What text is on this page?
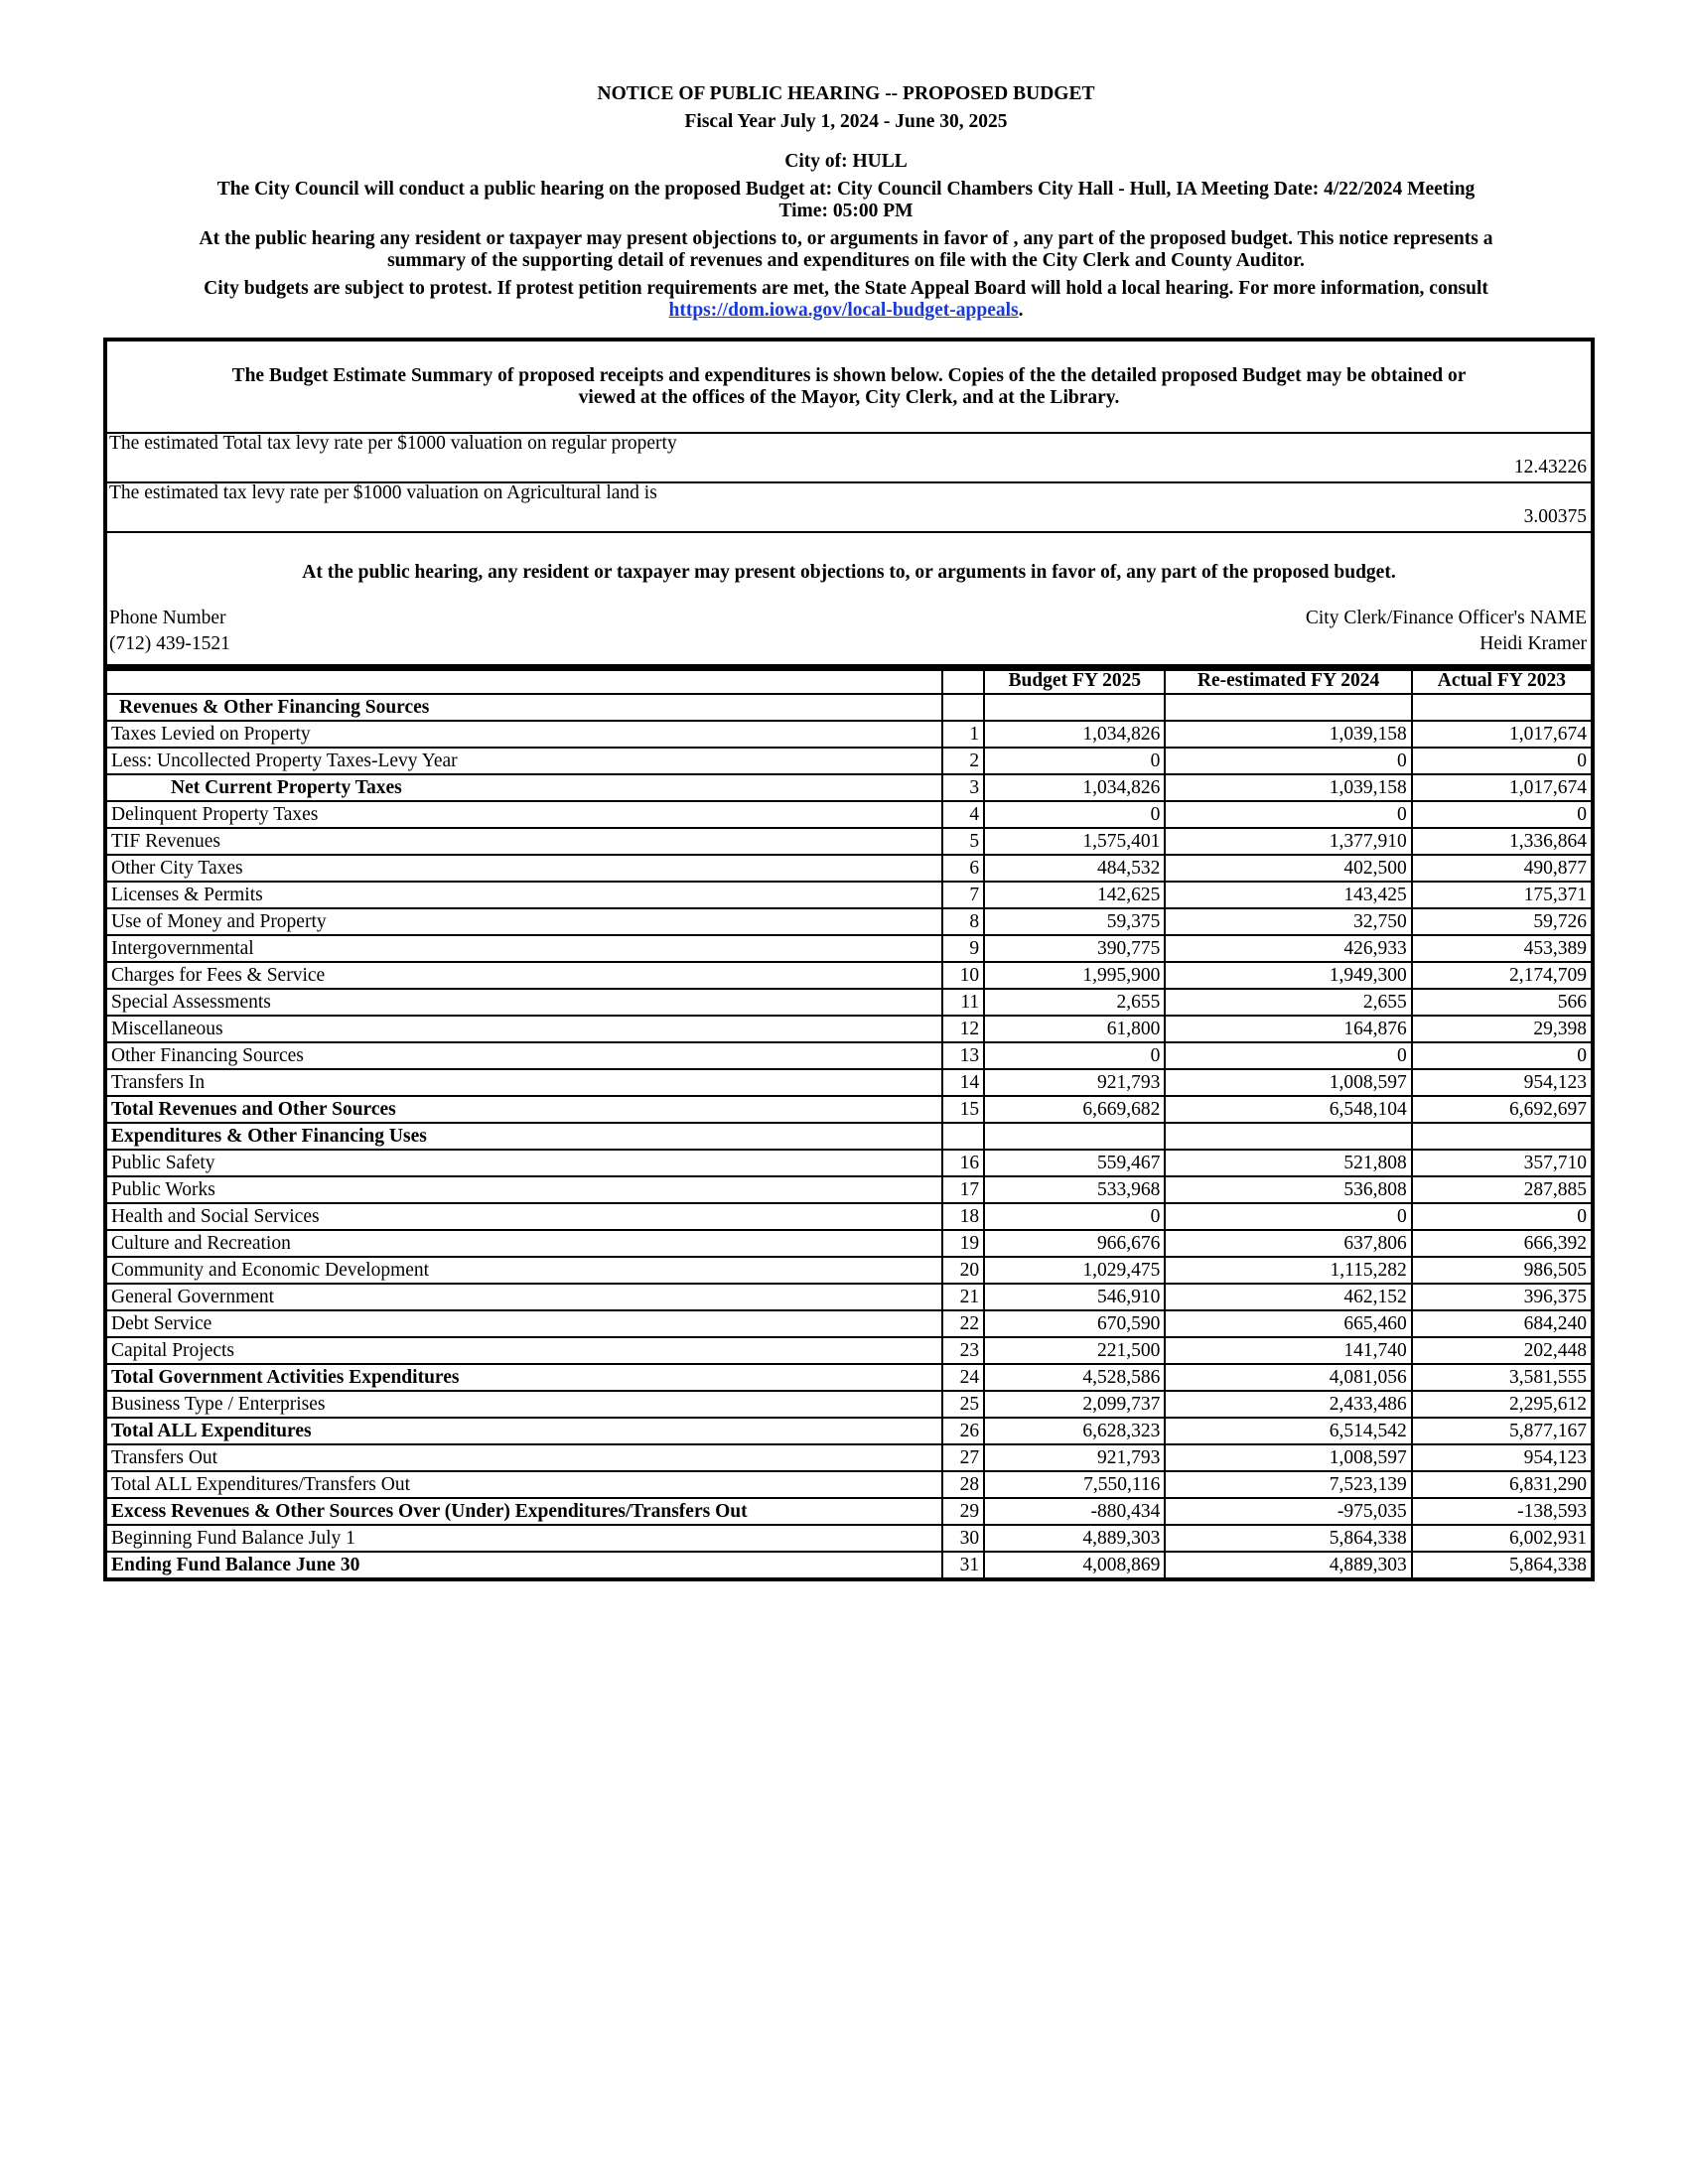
NOTICE OF PUBLIC HEARING -- PROPOSED BUDGET
Fiscal Year July 1, 2024 - June 30, 2025
City of: HULL
The City Council will conduct a public hearing on the proposed Budget at: City Council Chambers City Hall - Hull, IA Meeting Date: 4/22/2024 Meeting
Time: 05:00 PM
At the public hearing any resident or taxpayer may present objections to, or arguments in favor of , any part of the proposed budget. This notice represents a
summary of the supporting detail of revenues and expenditures on file with the City Clerk and County Auditor.
City budgets are subject to protest. If protest petition requirements are met, the State Appeal Board will hold a local hearing. For more information, consult
https://dom.iowa.gov/local-budget-appeals.
The Budget Estimate Summary of proposed receipts and expenditures is shown below. Copies of the the detailed proposed Budget may be obtained or
viewed at the offices of the Mayor, City Clerk, and at the Library.
The estimated Total tax levy rate per $1000 valuation on regular property
12.43226
The estimated tax levy rate per $1000 valuation on Agricultural land is
3.00375
At the public hearing, any resident or taxpayer may present objections to, or arguments in favor of, any part of the proposed budget.
Phone Number
(712) 439-1521
City Clerk/Finance Officer's NAME
Heidi Kramer
		Budget FY 2025	Re-estimated FY 2024	Actual FY 2023
Revenues & Other Financing Sources				
Taxes Levied on Property	1	1,034,826	1,039,158	1,017,674
Less: Uncollected Property Taxes-Levy Year	2	0	0	0
Net Current Property Taxes	3	1,034,826	1,039,158	1,017,674
Delinquent Property Taxes	4	0	0	0
TIF Revenues	5	1,575,401	1,377,910	1,336,864
Other City Taxes	6	484,532	402,500	490,877
Licenses & Permits	7	142,625	143,425	175,371
Use of Money and Property	8	59,375	32,750	59,726
Intergovernmental	9	390,775	426,933	453,389
Charges for Fees & Service	10	1,995,900	1,949,300	2,174,709
Special Assessments	11	2,655	2,655	566
Miscellaneous	12	61,800	164,876	29,398
Other Financing Sources	13	0	0	0
Transfers In	14	921,793	1,008,597	954,123
Total Revenues and Other Sources	15	6,669,682	6,548,104	6,692,697
Expenditures & Other Financing Uses				
Public Safety	16	559,467	521,808	357,710
Public Works	17	533,968	536,808	287,885
Health and Social Services	18	0	0	0
Culture and Recreation	19	966,676	637,806	666,392
Community and Economic Development	20	1,029,475	1,115,282	986,505
General Government	21	546,910	462,152	396,375
Debt Service	22	670,590	665,460	684,240
Capital Projects	23	221,500	141,740	202,448
Total Government Activities Expenditures	24	4,528,586	4,081,056	3,581,555
Business Type / Enterprises	25	2,099,737	2,433,486	2,295,612
Total ALL Expenditures	26	6,628,323	6,514,542	5,877,167
Transfers Out	27	921,793	1,008,597	954,123
Total ALL Expenditures/Transfers Out	28	7,550,116	7,523,139	6,831,290
Excess Revenues & Other Sources Over (Under) Expenditures/Transfers Out	29	-880,434	-975,035	-138,593
Beginning Fund Balance July 1	30	4,889,303	5,864,338	6,002,931
Ending Fund Balance June 30	31	4,008,869	4,889,303	5,864,338
